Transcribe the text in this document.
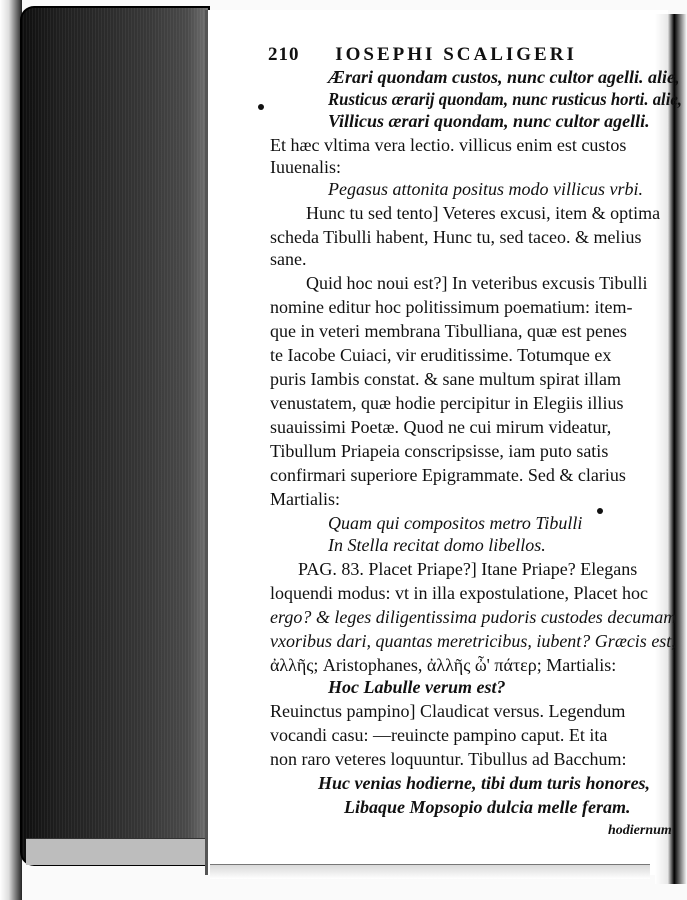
210 IOSEPHI SCALIGERI
Ærari quondam custos, nunc cultor agelli. alie,
Rusticus ærarij quondam, nunc rusticus horti. alie,
Villicus ærari quondam, nunc cultor agelli.
Et hæc vltima vera lectio. villicus enim est custos
Iuuenalis:
Pegasus attonita positus modo villicus vrbi.
Hunc tu sed tento] Veteres excusi, item & optima
scheda Tibulli habent, Hunc tu, sed taceo. & melius
sane.
Quid hoc noui est?] In veteribus excusis Tibulli
nomine editur hoc politissimum poematium: item-
que in veteri membrana Tibulliana, quæ est penes
te Iacobe Cuiaci, vir eruditissime. Totumque ex
puris Iambis constat. & sane multum spirat illam
venustatem, quæ hodie percipitur in Elegiis illius
suauissimi Poetæ. Quod ne cui mirum videatur,
Tibullum Priapeia conscripsisse, iam puto satis
confirmari superiore Epigrammate. Sed & clarius
Martialis:
Quam qui compositos metro Tibulli
In Stella recitat domo libellos.
PAG. 83. Placet Priape?] Itane Priape? Elegans
loquendi modus: vt in illa expostulatione, Placet hoc
ergo? & leges diligentissima pudoris custodes decumam
vxoribus dari, quantas meretricibus, iubent? Græcis est,
ἀλλῆς; Aristophanes, ἀλλῆς ὦ' πάτερ; Martialis:
Hoc Labulle verum est?
Reuinctus pampino] Claudicat versus. Legendum
vocandi casu: —reuincte pampino caput. Et ita
non raro veteres loquuntur. Tibullus ad Bacchum:
Huc venias hodierne, tibi dum turis honores,
Libaque Mopsopio dulcia melle feram.
hodiernum
